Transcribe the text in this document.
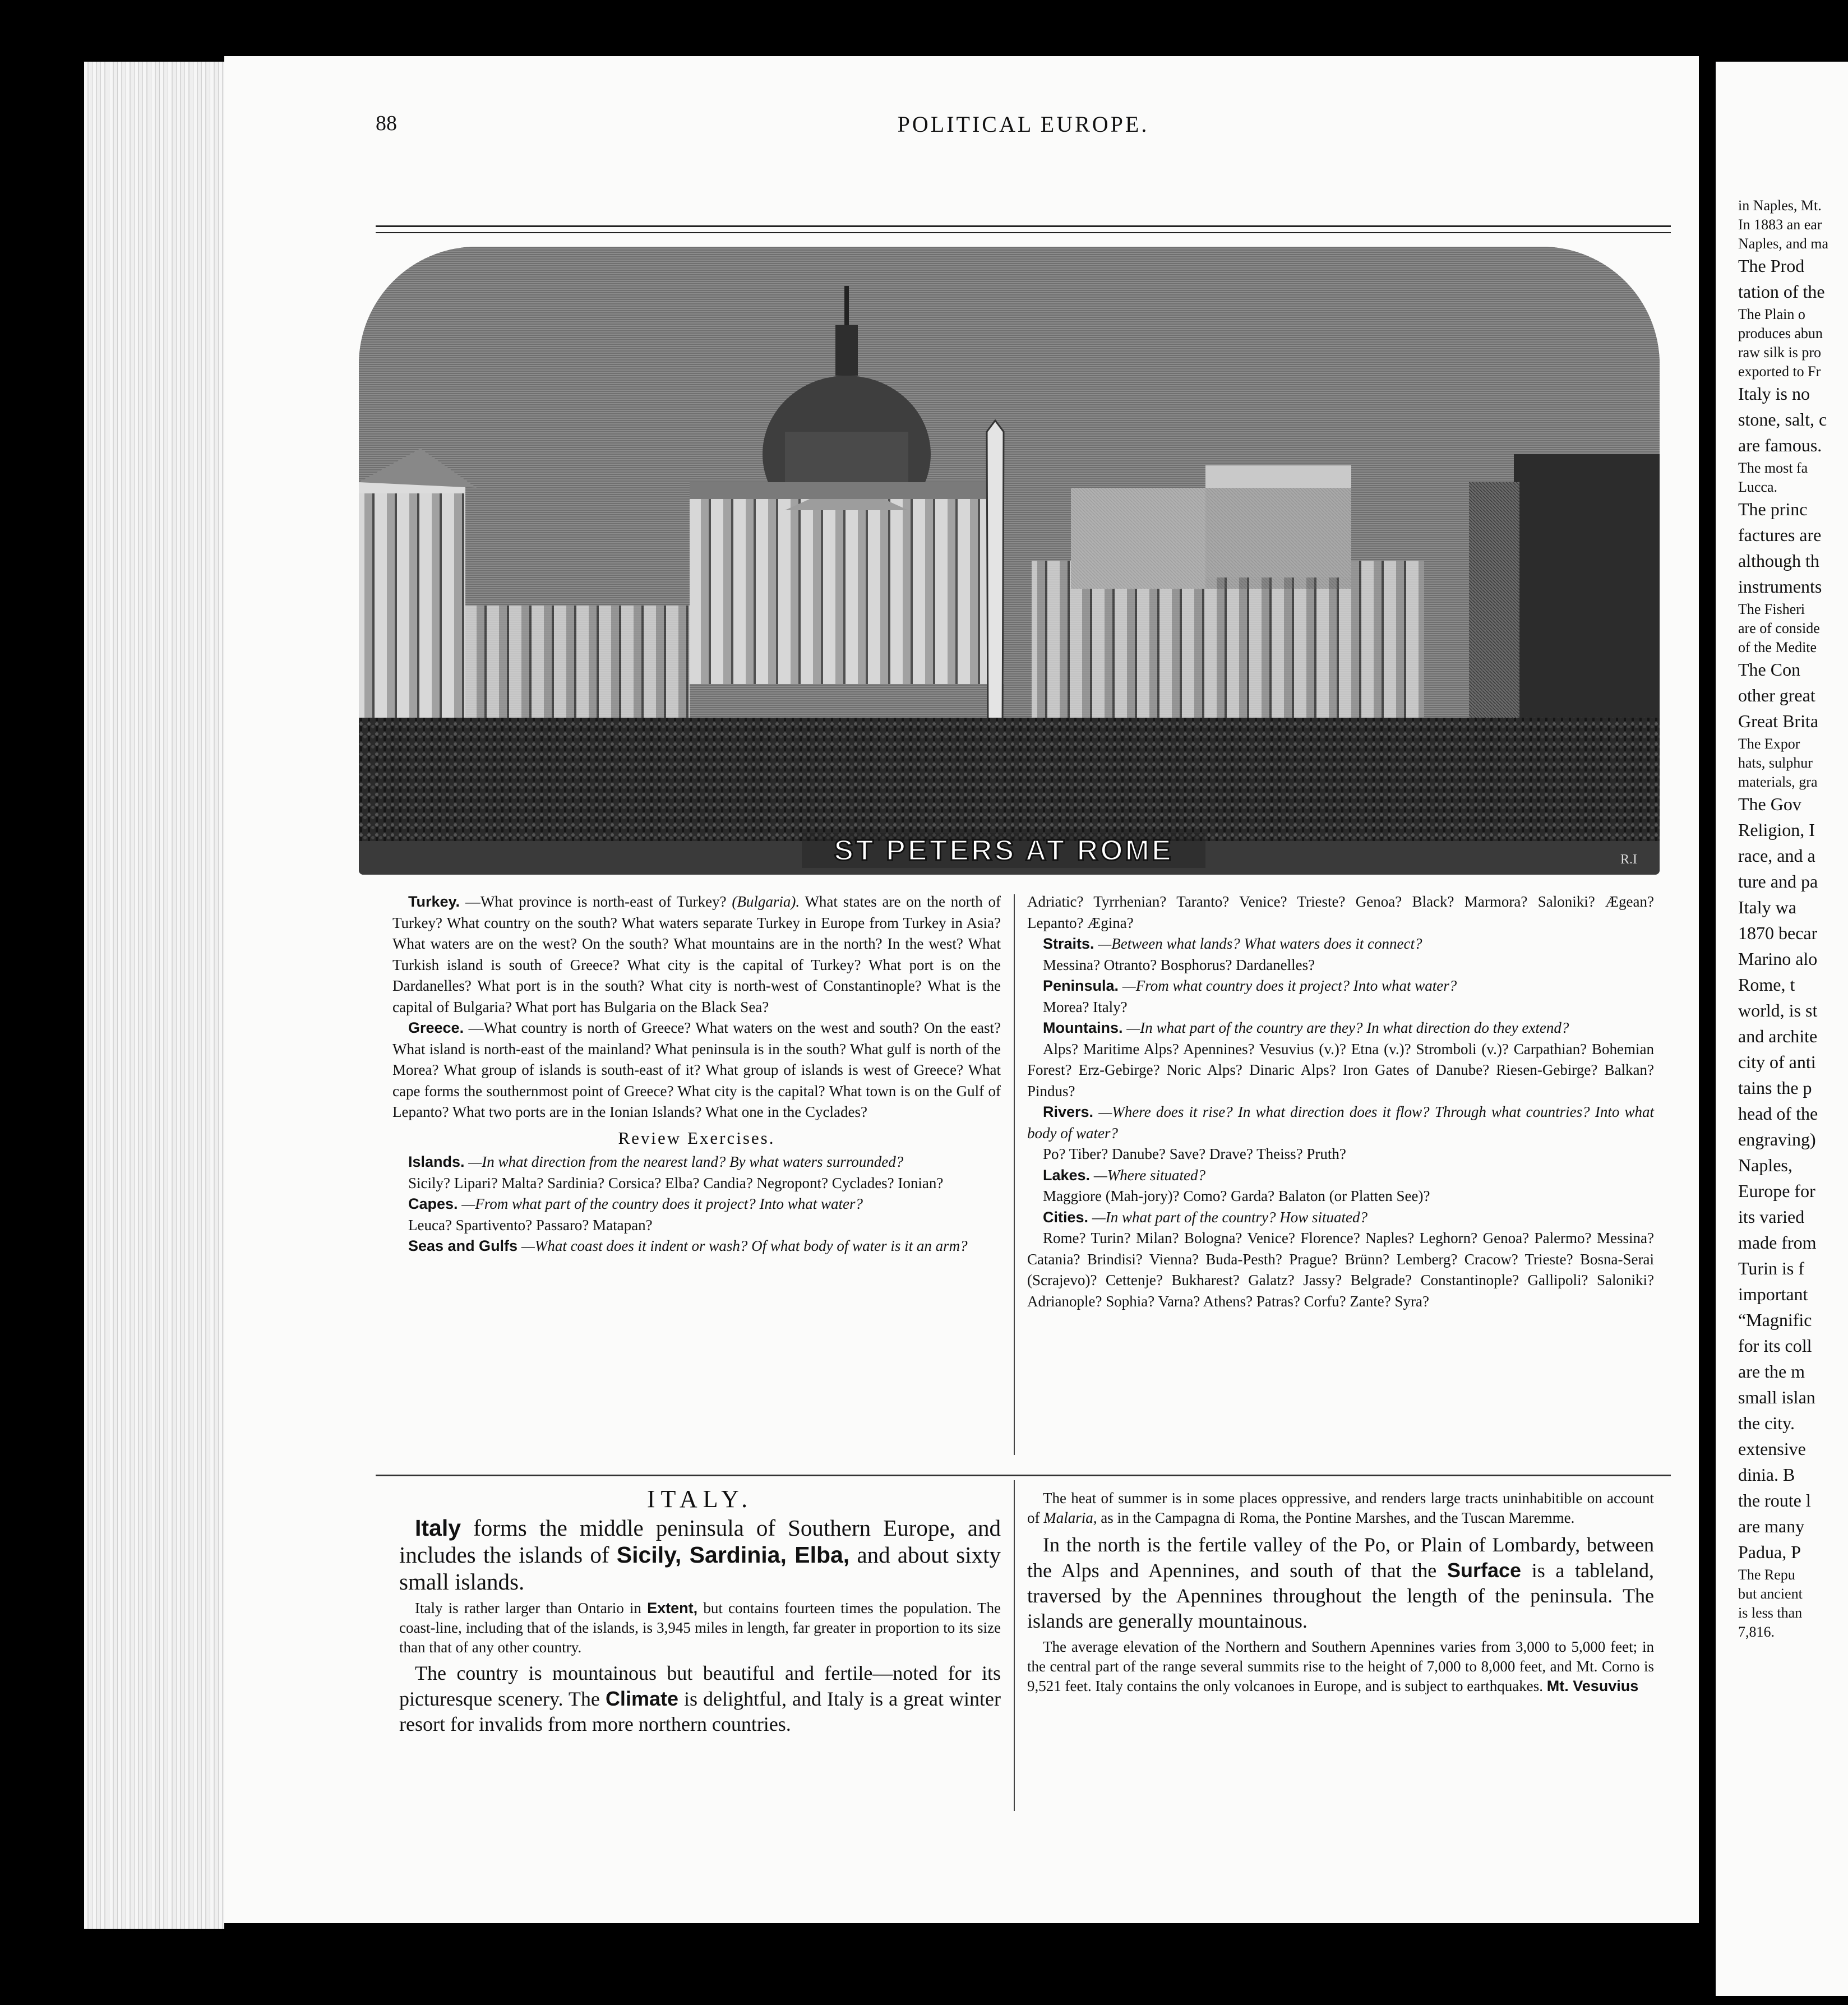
88	POLITICAL EUROPE.
R.I
ST PETERS AT ROME

Turkey. —What province is north-east of Turkey? (Bulgaria). What states are on the north of Turkey? What country on the south? What waters separate Turkey in Europe from Turkey in Asia? What waters are on the west? On the south? What mountains are in the north? In the west? What Turkish island is south of Greece? What city is the capital of Turkey? What port is on the Dardanelles? What port is in the south? What city is north-west of Constantinople? What is the capital of Bulgaria? What port has Bulgaria on the Black Sea?

Greece. —What country is north of Greece? What waters on the west and south? On the east? What island is north-east of the mainland? What peninsula is in the south? What gulf is north of the Morea? What group of islands is south-east of it? What group of islands is west of Greece? What cape forms the southernmost point of Greece? What city is the capital? What town is on the Gulf of Lepanto? What two ports are in the Ionian Islands? What one in the Cyclades?

Review Exercises.

Islands. —In what direction from the nearest land? By what waters surrounded?

Sicily? Lipari? Malta? Sardinia? Corsica? Elba? Candia? Negropont? Cyclades? Ionian?

Capes. —From what part of the country does it project? Into what water?

Leuca? Spartivento? Passaro? Matapan?

Seas and Gulfs —What coast does it indent or wash? Of what body of water is it an arm?

Adriatic? Tyrrhenian? Taranto? Venice? Trieste? Genoa? Black? Marmora? Saloniki? Ægean? Lepanto? Ægina?

Straits. —Between what lands? What waters does it connect?

Messina? Otranto? Bosphorus? Dardanelles?

Peninsula. —From what country does it project? Into what water?

Morea? Italy?

Mountains. —In what part of the country are they? In what direction do they extend?

Alps? Maritime Alps? Apennines? Vesuvius (v.)? Etna (v.)? Stromboli (v.)? Carpathian? Bohemian Forest? Erz-Gebirge? Noric Alps? Dinaric Alps? Iron Gates of Danube? Riesen-Gebirge? Balkan? Pindus?

Rivers. —Where does it rise? In what direction does it flow? Through what countries? Into what body of water?

Po? Tiber? Danube? Save? Drave? Theiss? Pruth?

Lakes. —Where situated?

Maggiore (Mah-jory)? Como? Garda? Balaton (or Platten See)?

Cities. —In what part of the country? How situated?

Rome? Turin? Milan? Bologna? Venice? Florence? Naples? Leghorn? Genoa? Palermo? Messina? Catania? Brindisi? Vienna? Buda-Pesth? Prague? Brünn? Lemberg? Cracow? Trieste? Bosna-Serai (Scrajevo)? Cettenje? Bukharest? Galatz? Jassy? Belgrade? Constantinople? Gallipoli? Saloniki? Adrianople? Sophia? Varna? Athens? Patras? Corfu? Zante? Syra?

ITALY.

Italy forms the middle peninsula of Southern Europe, and includes the islands of Sicily, Sardinia, Elba, and about sixty small islands.

Italy is rather larger than Ontario in Extent, but contains fourteen times the population. The coast-line, including that of the islands, is 3,945 miles in length, far greater in proportion to its size than that of any other country.

The country is mountainous but beautiful and fertile—noted for its picturesque scenery. The Climate is delightful, and Italy is a great winter resort for invalids from more northern countries.

The heat of summer is in some places oppressive, and renders large tracts uninhabitible on account of Malaria, as in the Campagna di Roma, the Pontine Marshes, and the Tuscan Maremme.

In the north is the fertile valley of the Po, or Plain of Lombardy, between the Alps and Apennines, and south of that the Surface is a tableland, traversed by the Apennines throughout the length of the peninsula. The islands are generally mountainous.

The average elevation of the Northern and Southern Apennines varies from 3,000 to 5,000 feet; in the central part of the range several summits rise to the height of 7,000 to 8,000 feet, and Mt. Corno is 9,521 feet. Italy contains the only volcanoes in Europe, and is subject to earthquakes. Mt. Vesuvius

in Naples, Mt.
In 1883 an ear
Naples, and ma
The Prod
tation of the
The Plain o
produces abun
raw silk is pro
exported to Fr
Italy is no
stone, salt, c
are famous.
The most fa
Lucca.
The princ
factures are
although th
instruments
The Fisheri
are of conside
of the Medite
The Con
other great
Great Brita
The Expor
hats, sulphur
materials, gra
The Gov
Religion, I
race, and a
ture and pa
Italy wa
1870 becar
Marino alo
Rome, t
world, is st
and archite
city of anti
tains the p
head of the
engraving)
Naples,
Europe for
its varied
made from
Turin is f
important
“Magnific
for its coll
are the m
small islan
the city.
extensive
dinia. B
the route l
are many
Padua, P
The Repu
but ancient
is less than
7,816.
